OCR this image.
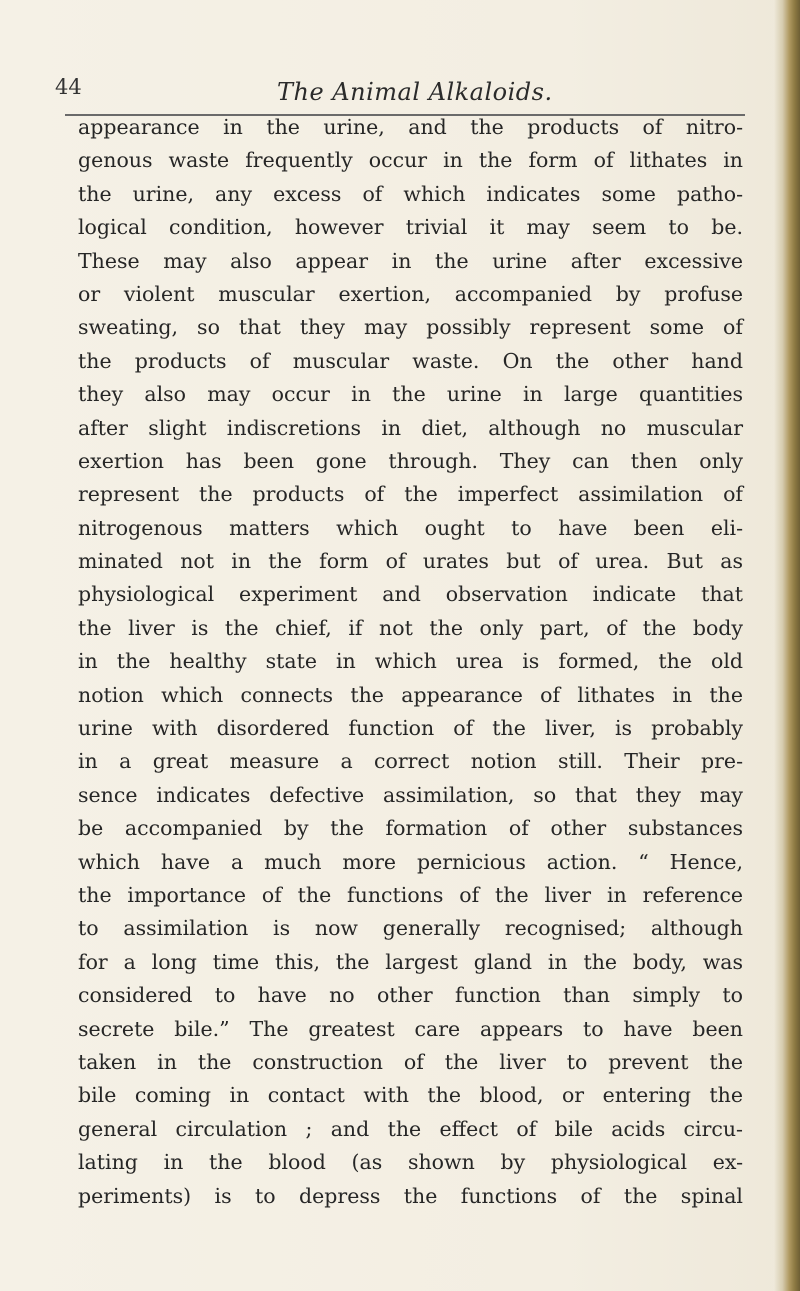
44	The Animal Alkaloids.
appearance in the urine, and the products of nitro-
genous waste frequently occur in the form of lithates in
the urine, any excess of which indicates some patho-
logical condition, however trivial it may seem to be.
These may also appear in the urine after excessive
or violent muscular exertion, accompanied by profuse
sweating, so that they may possibly represent some of
the products of muscular waste. On the other hand
they also may occur in the urine in large quantities
after slight indiscretions in diet, although no muscular
exertion has been gone through. They can then only
represent the products of the imperfect assimilation of
nitrogenous matters which ought to have been eli-
minated not in the form of urates but of urea. But as
physiological experiment and observation indicate that
the liver is the chief, if not the only part, of the body
in the healthy state in which urea is formed, the old
notion which connects the appearance of lithates in the
urine with disordered function of the liver, is probably
in a great measure a correct notion still. Their pre-
sence indicates defective assimilation, so that they may
be accompanied by the formation of other substances
which have a much more pernicious action. “ Hence,
the importance of the functions of the liver in reference
to assimilation is now generally recognised; although
for a long time this, the largest gland in the body, was
considered to have no other function than simply to
secrete bile.” The greatest care appears to have been
taken in the construction of the liver to prevent the
bile coming in contact with the blood, or entering the
general circulation ; and the effect of bile acids circu-
lating in the blood (as shown by physiological ex-
periments) is to depress the functions of the spinal
